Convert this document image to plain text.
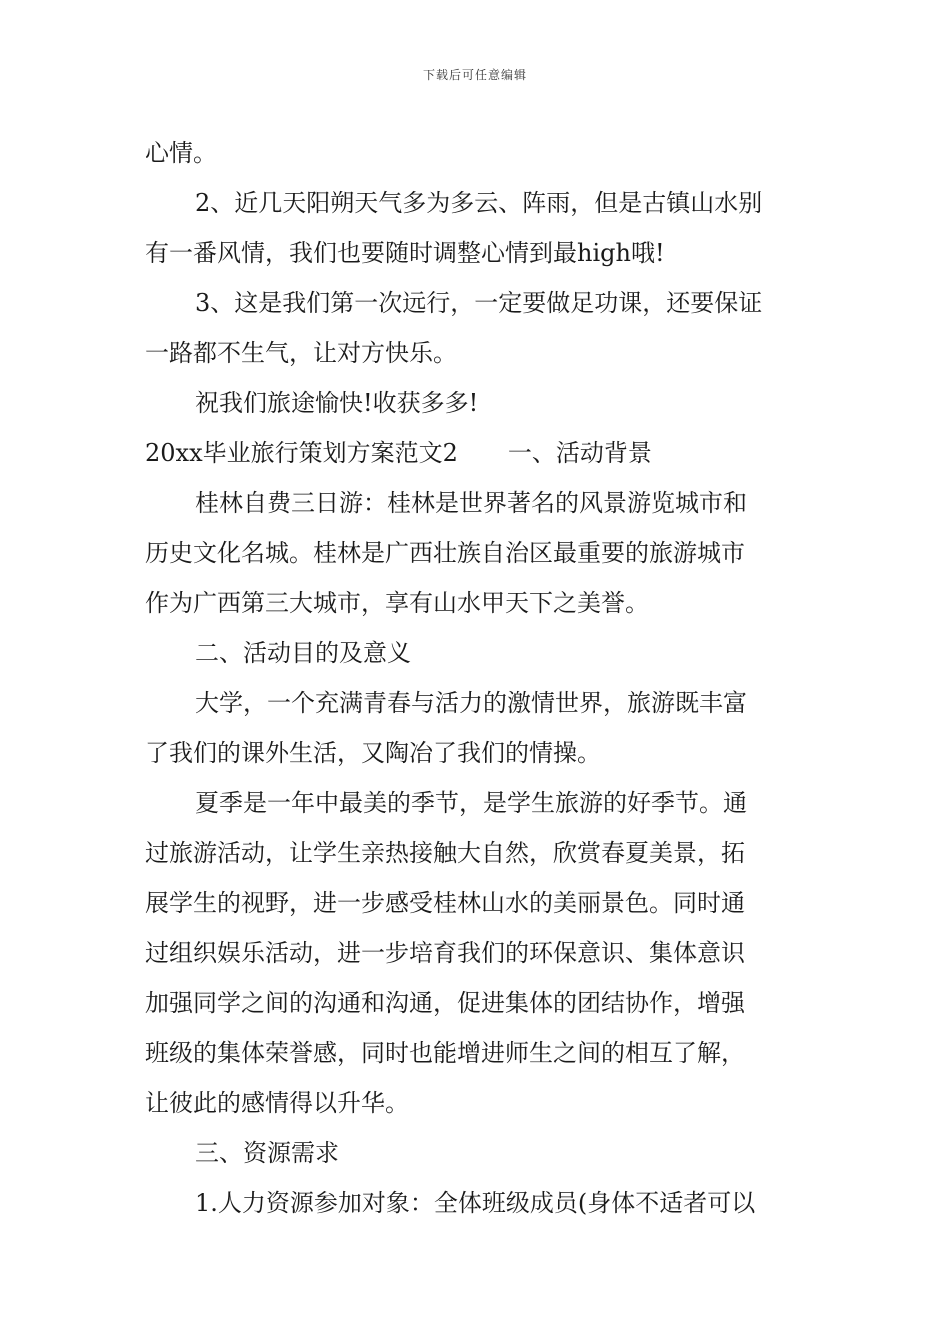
下载后可任意编辑
心情。
2、近几天阳朔天气多为多云、阵雨，但是古镇山水别
有一番风情，我们也要随时调整心情到最high哦!
3、这是我们第一次远行，一定要做足功课，还要保证
一路都不生气，让对方快乐。
祝我们旅途愉快!收获多多!
20xx毕业旅行策划方案范文2 一、活动背景
桂林自费三日游：桂林是世界著名的风景游览城市和
历史文化名城。桂林是广西壮族自治区最重要的旅游城市
作为广西第三大城市，享有山水甲天下之美誉。
二、活动目的及意义
大学，一个充满青春与活力的激情世界，旅游既丰富
了我们的课外生活，又陶冶了我们的情操。
夏季是一年中最美的季节，是学生旅游的好季节。通
过旅游活动，让学生亲热接触大自然，欣赏春夏美景，拓
展学生的视野，进一步感受桂林山水的美丽景色。同时通
过组织娱乐活动，进一步培育我们的环保意识、集体意识
加强同学之间的沟通和沟通，促进集体的团结协作，增强
班级的集体荣誉感，同时也能增进师生之间的相互了解，
让彼此的感情得以升华。
三、资源需求
1.人力资源参加对象：全体班级成员(身体不适者可以
